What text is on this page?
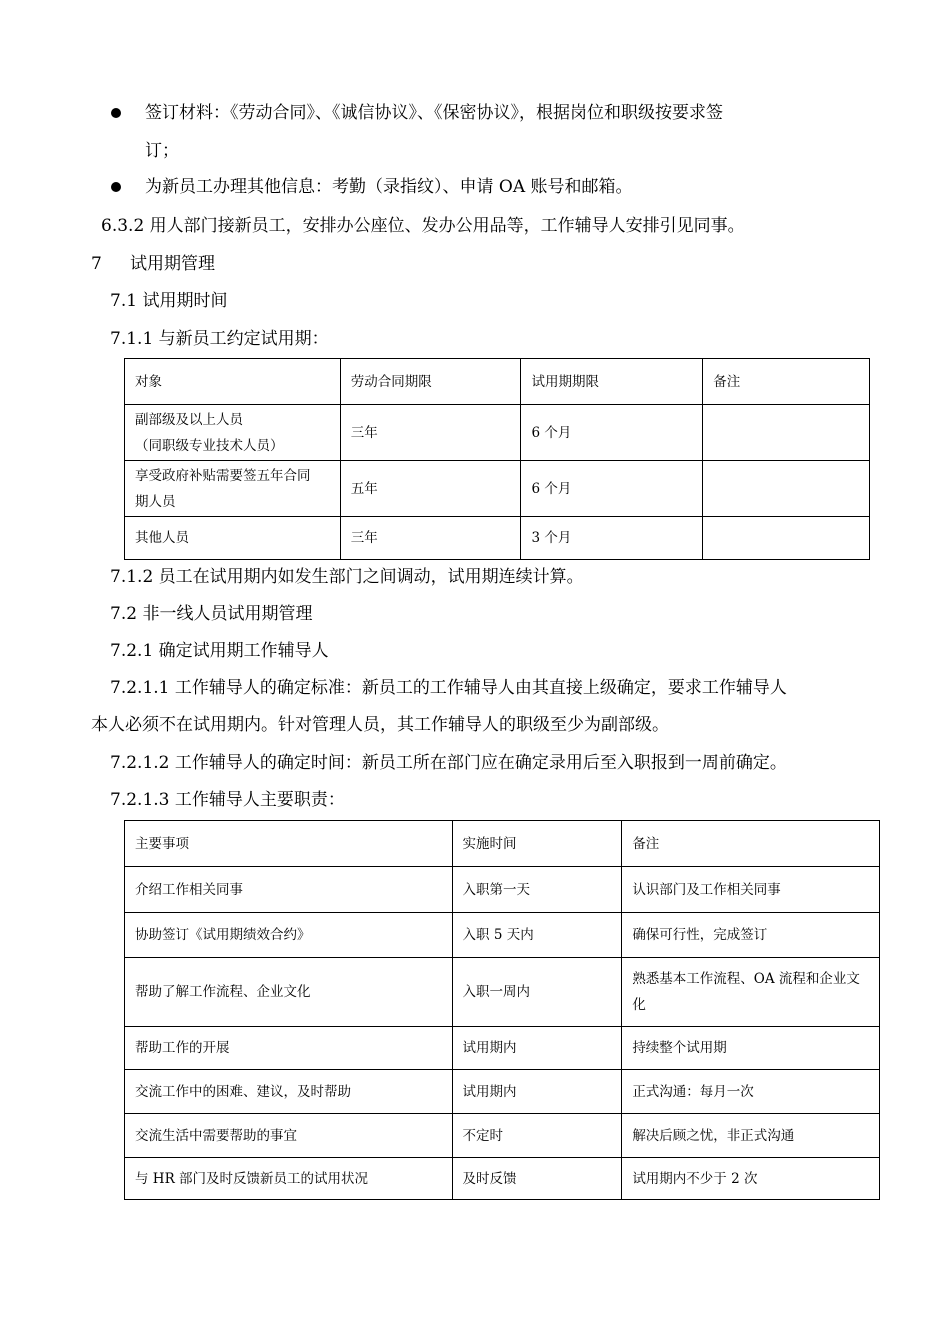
签订材料：《劳动合同》、《诚信协议》、《保密协议》，根据岗位和职级按要求签
订；
为新员工办理其他信息：考勤（录指纹）、申请 OA 账号和邮箱。
6.3.2 用人部门接新员工，安排办公座位、发办公用品等，工作辅导人安排引见同事。
7 试用期管理
7.1 试用期时间
7.1.1 与新员工约定试用期：
对象	劳动合同期限	试用期期限	备注

副部级及以上人员
（同职级专业技术人员）	三年	6 个月	

享受政府补贴需要签五年合同
期人员	五年	6 个月	
其他人员	三年	3 个月	
7.1.2 员工在试用期内如发生部门之间调动，试用期连续计算。
7.2 非一线人员试用期管理
7.2.1 确定试用期工作辅导人
7.2.1.1 工作辅导人的确定标准：新员工的工作辅导人由其直接上级确定，要求工作辅导人
本人必须不在试用期内。针对管理人员，其工作辅导人的职级至少为副部级。
7.2.1.2 工作辅导人的确定时间：新员工所在部门应在确定录用后至入职报到一周前确定。
7.2.1.3 工作辅导人主要职责：
主要事项	实施时间	备注
介绍工作相关同事	入职第一天	认识部门及工作相关同事
协助签订《试用期绩效合约》	入职 5 天内	确保可行性，完成签订
帮助了解工作流程、企业文化	入职一周内	熟悉基本工作流程、OA 流程和企业文
化

帮助工作的开展	试用期内	持续整个试用期
交流工作中的困难、建议，及时帮助	试用期内	正式沟通：每月一次
交流生活中需要帮助的事宜	不定时	解决后顾之忧，非正式沟通
与 HR 部门及时反馈新员工的试用状况	及时反馈	试用期内不少于 2 次
